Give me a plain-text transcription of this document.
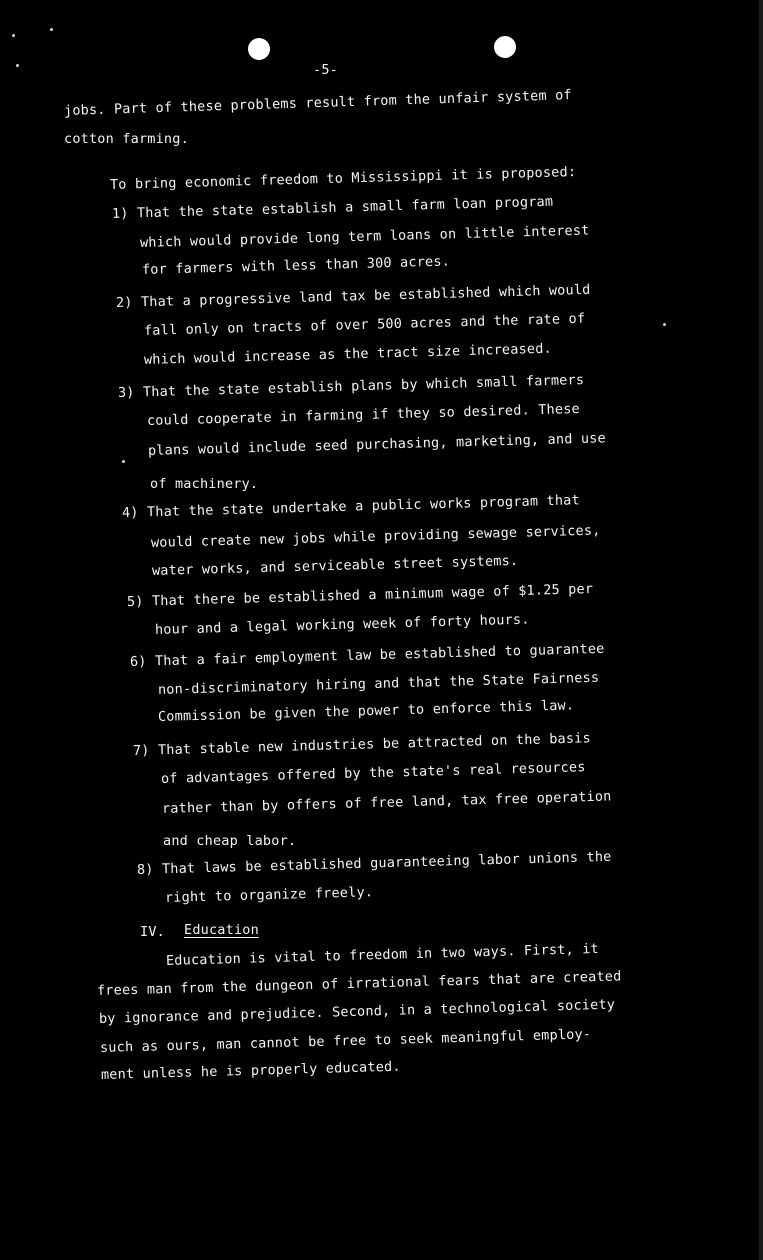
-5-
jobs. Part of these problems result from the unfair system of
cotton farming.
To bring economic freedom to Mississippi it is proposed:
1) That the state establish a small farm loan program
which would provide long term loans on little interest
for farmers with less than 300 acres.
2) That a progressive land tax be established which would
fall only on tracts of over 500 acres and the rate of
which would increase as the tract size increased.
3) That the state establish plans by which small farmers
could cooperate in farming if they so desired. These
plans would include seed purchasing, marketing, and use
of machinery.
4) That the state undertake a public works program that
would create new jobs while providing sewage services,
water works, and serviceable street systems.
5) That there be established a minimum wage of $1.25 per
hour and a legal working week of forty hours.
6) That a fair employment law be established to guarantee
non-discriminatory hiring and that the State Fairness
Commission be given the power to enforce this law.
7) That stable new industries be attracted on the basis
of advantages offered by the state's real resources
rather than by offers of free land, tax free operation
and cheap labor.
8) That laws be established guaranteeing labor unions the
right to organize freely.
IV. Education
Education is vital to freedom in two ways. First, it
frees man from the dungeon of irrational fears that are created
by ignorance and prejudice. Second, in a technological society
such as ours, man cannot be free to seek meaningful employ-
ment unless he is properly educated.
